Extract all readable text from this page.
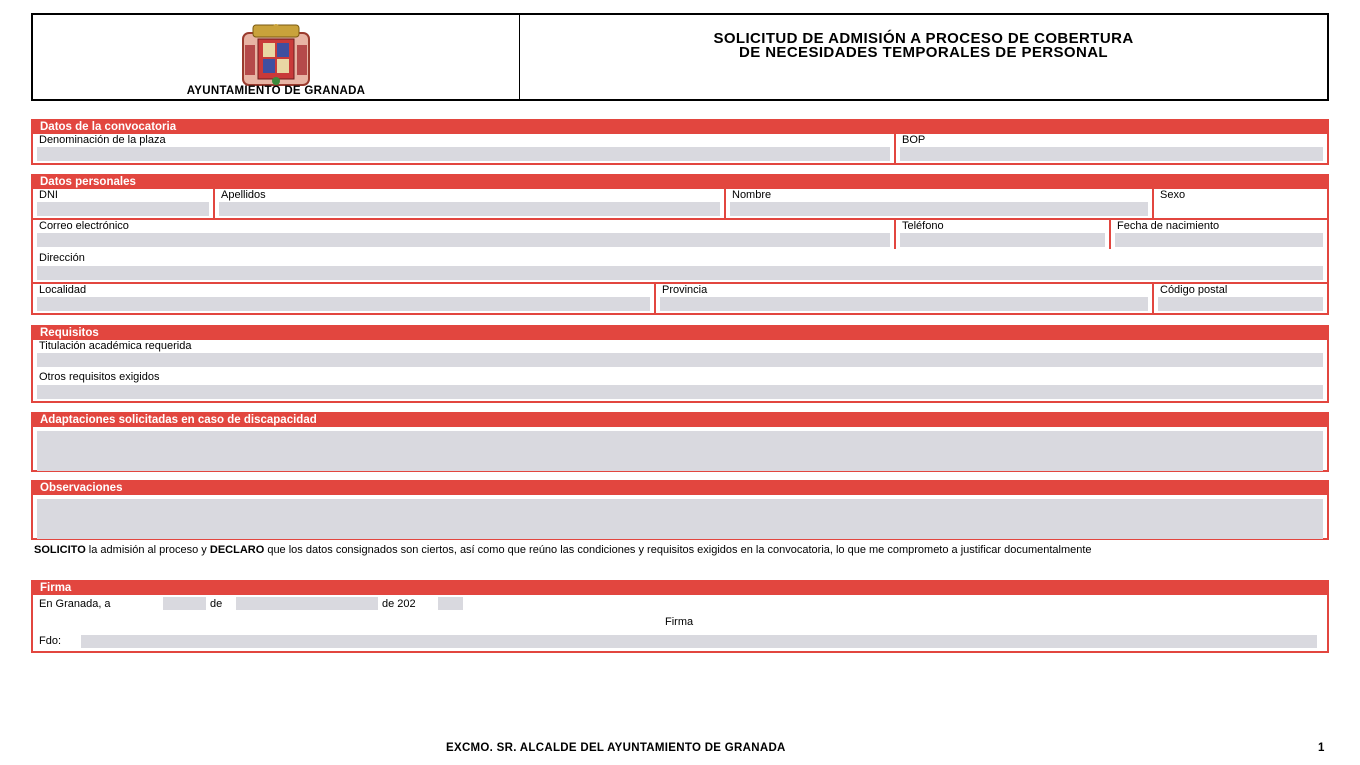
AYUNTAMIENTO DE GRANADA
SOLICITUD DE ADMISIÓN A PROCESO DE COBERTURA
DE NECESIDADES TEMPORALES DE PERSONAL
Datos de la convocatoria
Denominación de la plaza	BOP
Datos personales
DNI	Apellidos	Nombre	Sexo
Correo electrónico	Teléfono	Fecha de nacimiento
Dirección
Localidad	Provincia	Código postal
Requisitos
Titulación académica requerida
Otros requisitos exigidos
Adaptaciones solicitadas en caso de discapacidad
Observaciones
SOLICITO la admisión al proceso y DECLARO que los datos consignados son ciertos, así como que reúno las condiciones y requisitos exigidos en la convocatoria, lo que me comprometo a justificar documentalmente
Firma
En Granada, a	de	de 202
Firma
Fdo:
EXCMO. SR. ALCALDE DEL AYUNTAMIENTO DE GRANADA	1
